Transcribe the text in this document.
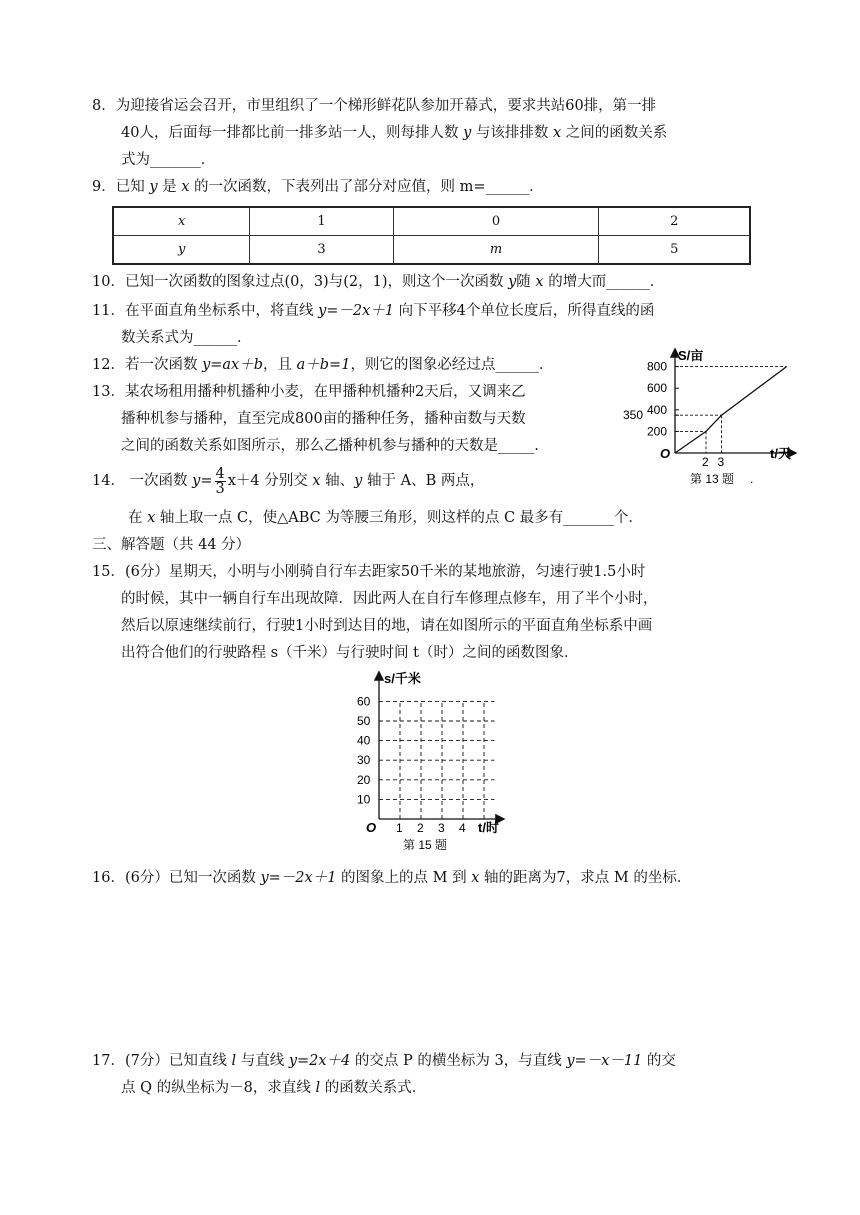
8．为迎接省运会召开，市里组织了一个梯形鲜花队参加开幕式，要求共站60排，第一排
40人，后面每一排都比前一排多站一人，则每排人数 y 与该排排数 x 之间的函数关系
式为_______．
9．已知 y 是 x 的一次函数，下表列出了部分对应值，则 m=______．
x	1	0	2
y	3	m	5
10．已知一次函数的图象过点(0，3)与(2，1)，则这个一次函数 y随 x 的增大而______．
11．在平面直角坐标系中，将直线 y=－2x＋1 向下平移4个单位长度后，所得直线的函
数关系式为______．
12．若一次函数 y=ax＋b，且 a＋b=1，则它的图象必经过点______．
13．某农场租用播种机播种小麦，在甲播种机播种2天后，又调来乙
播种机参与播种，直至完成800亩的播种任务，播种亩数与天数
之间的函数关系如图所示，那么乙播种机参与播种的天数是_____.
14． 一次函数 $y= \frac{4}{3} x+4$ 分别交 x 轴、y 轴于 A、B 两点，
在 x 轴上取一点 C，使△ABC 为等腰三角形，则这样的点 C 最多有_______个．
三、解答题（共 44 分）
15．(6分）星期天，小明与小刚骑自行车去距家50千米的某地旅游，匀速行驶1.5小时
的时候，其中一辆自行车出现故障．因此两人在自行车修理点修车，用了半个小时，
然后以原速继续前行，行驶1小时到达目的地，请在如图所示的平面直角坐标系中画
出符合他们的行驶路程 s（千米）与行驶时间 t（时）之间的函数图象．
S/亩
t/天
O
800
600
400
350
200
2 3
第 13 题 .
60
50
40
30
20
10
1 2 3 4
s/千米
t/时
O
第 15 题
16．(6分）已知一次函数 y=－2x＋1 的图象上的点 M 到 x 轴的距离为7，求点 M 的坐标．
17．(7分）已知直线 l 与直线 y=2x＋4 的交点 P 的横坐标为 3，与直线 y=－x－11 的交
点 Q 的纵坐标为－8，求直线 l 的函数关系式．
